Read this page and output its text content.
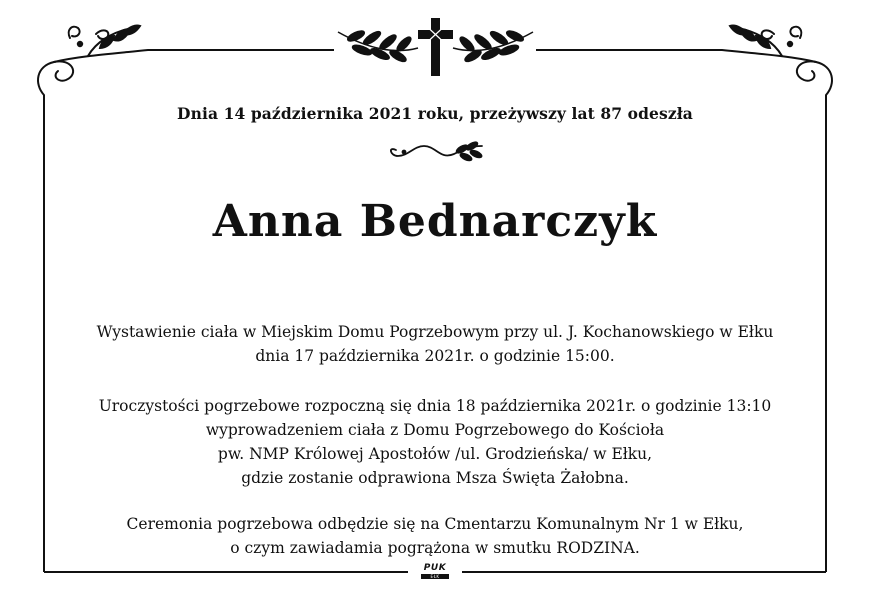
Dnia 14 października 2021 roku, przeżywszy lat 87 odeszła
Anna Bednarczyk
Wystawienie ciała w Miejskim Domu Pogrzebowym przy ul. J. Kochanowskiego w Ełku
dnia 17 października 2021r. o godzinie 15:00.
Uroczystości pogrzebowe rozpoczną się dnia 18 października 2021r. o godzinie 13:10
wyprowadzeniem ciała z Domu Pogrzebowego do Kościoła
pw. NMP Królowej Apostołów /ul. Grodzieńska/ w Ełku,
gdzie zostanie odprawiona Msza Święta Żałobna.
Ceremonia pogrzebowa odbędzie się na Cmentarzu Komunalnym Nr 1 w Ełku,
o czym zawiadamia pogrążona w smutku RODZINA.
PUK
EŁK
